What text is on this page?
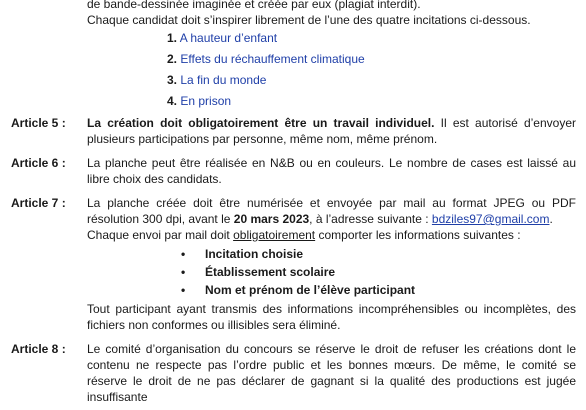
de bande-dessinée imaginée et créée par eux (plagiat interdit).
Chaque candidat doit s’inspirer librement de l’une des quatre incitations ci-dessous.
1. A hauteur d’enfant
2. Effets du réchauffement climatique
3. La fin du monde
4. En prison
Article 5 :	La création doit obligatoirement être un travail individuel. Il est autorisé d’envoyer plusieurs participations par personne, même nom, même prénom.
Article 6 :	La planche peut être réalisée en N&B ou en couleurs. Le nombre de cases est laissé au libre choix des candidats.
Article 7 :	La planche créée doit être numérisée et envoyée par mail au format JPEG ou PDF résolution 300 dpi, avant le 20 mars 2023, à l’adresse suivante : bdziles97@gmail.com.
Chaque envoi par mail doit obligatoirement comporter les informations suivantes :
•	Incitation choisie
•	Établissement scolaire
•	Nom et prénom de l’élève participant
Tout participant ayant transmis des informations incompréhensibles ou incomplètes, des fichiers non conformes ou illisibles sera éliminé.
Article 8 :	Le comité d’organisation du concours se réserve le droit de refuser les créations dont le contenu ne respecte pas l’ordre public et les bonnes mœurs. De même, le comité se réserve le droit de ne pas déclarer de gagnant si la qualité des productions est jugée insuffisante
